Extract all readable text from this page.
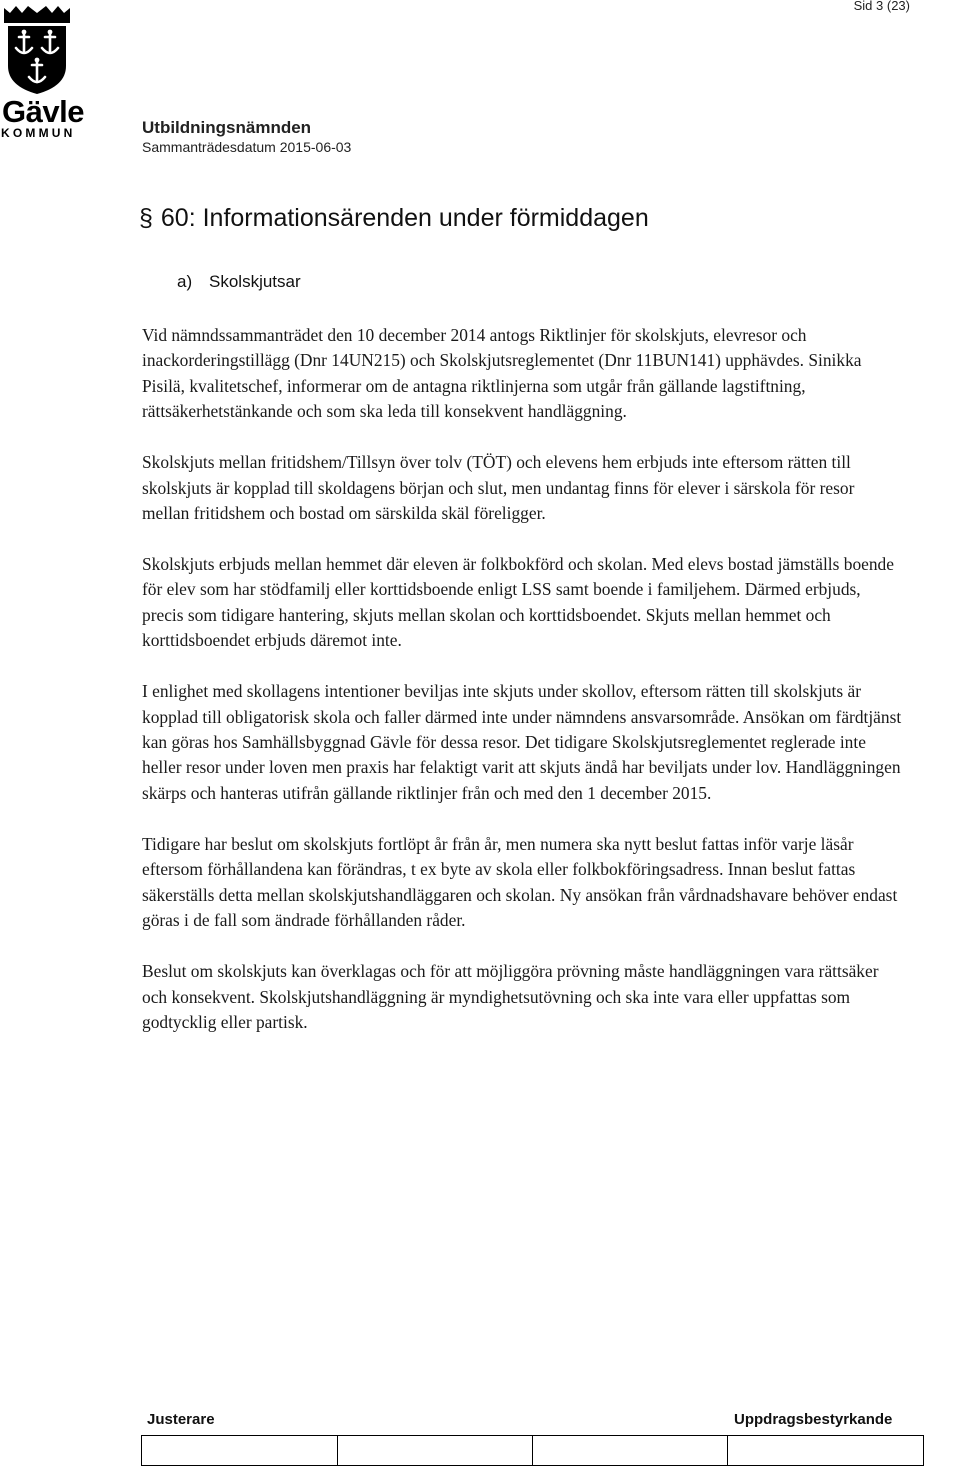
Sid 3 (23)
Gävle
KOMMUN	Utbildningsnämnden
Sammanträdesdatum 2015-06-03
§ 60: Informationsärenden under förmiddagen
a) Skolskjutsar

Vid nämndssammanträdet den 10 december 2014 antogs Riktlinjer för skolskjuts, elevresor och inackorderingstillägg (Dnr 14UN215) och Skolskjutsreglementet (Dnr 11BUN141) upphävdes. Sinikka Pisilä, kvalitetschef, informerar om de antagna riktlinjerna som utgår från gällande lagstiftning, rättsäkerhetstänkande och som ska leda till konsekvent handläggning.

Skolskjuts mellan fritidshem/Tillsyn över tolv (TÖT) och elevens hem erbjuds inte eftersom rätten till skolskjuts är kopplad till skoldagens början och slut, men undantag finns för elever i särskola för resor mellan fritidshem och bostad om särskilda skäl föreligger.

Skolskjuts erbjuds mellan hemmet där eleven är folkbokförd och skolan. Med elevs bostad jämställs boende för elev som har stödfamilj eller korttidsboende enligt LSS samt boende i familjehem. Därmed erbjuds, precis som tidigare hantering, skjuts mellan skolan och korttidsboendet. Skjuts mellan hemmet och korttidsboendet erbjuds däremot inte.

I enlighet med skollagens intentioner beviljas inte skjuts under skollov, eftersom rätten till skolskjuts är kopplad till obligatorisk skola och faller därmed inte under nämndens ansvarsområde. Ansökan om färdtjänst kan göras hos Samhällsbyggnad Gävle för dessa resor. Det tidigare Skolskjutsreglementet reglerade inte heller resor under loven men praxis har felaktigt varit att skjuts ändå har beviljats under lov. Handläggningen skärps och hanteras utifrån gällande riktlinjer från och med den 1 december 2015.

Tidigare har beslut om skolskjuts fortlöpt år från år, men numera ska nytt beslut fattas inför varje läsår eftersom förhållandena kan förändras, t ex byte av skola eller folkbokföringsadress. Innan beslut fattas säkerställs detta mellan skolskjutshandläggaren och skolan. Ny ansökan från vårdnadshavare behöver endast göras i de fall som ändrade förhållanden råder.

Beslut om skolskjuts kan överklagas och för att möjliggöra prövning måste handläggningen vara rättsäker och konsekvent. Skolskjutshandläggning är myndighetsutövning och ska inte vara eller uppfattas som godtycklig eller partisk.

Justerare	Uppdragsbestyrkande
